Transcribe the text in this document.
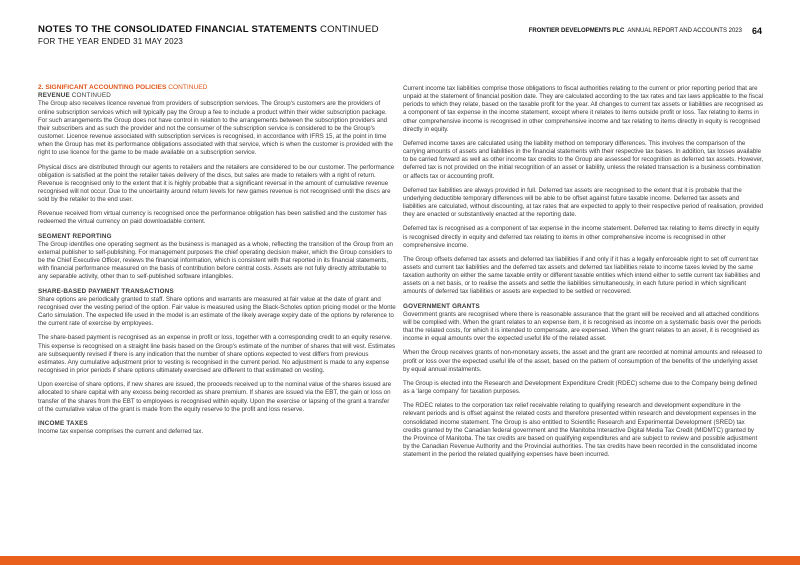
NOTES TO THE CONSOLIDATED FINANCIAL STATEMENTS CONTINUED
FOR THE YEAR ENDED 31 MAY 2023
FRONTIER DEVELOPMENTS PLC ANNUAL REPORT AND ACCOUNTS 2023 64
2. SIGNIFICANT ACCOUNTING POLICIES CONTINUED
REVENUE CONTINUED

The Group also receives licence revenue from providers of subscription services. The Group's customers are the providers of online subscription services which will typically pay the Group a fee to include a product within their wider subscription package. For such arrangements the Group does not have control in relation to the arrangements between the subscription providers and their subscribers and as such the provider and not the consumer of the subscription service is considered to be the Group's customer. Licence revenue associated with subscription services is recognised, in accordance with IFRS 15, at the point in time when the Group has met its performance obligations associated with that service, which is when the customer is provided with the right to use licence for the game to be made available on a subscription service.

Physical discs are distributed through our agents to retailers and the retailers are considered to be our customer. The performance obligation is satisfied at the point the retailer takes delivery of the discs, but sales are made to retailers with a right of return. Revenue is recognised only to the extent that it is highly probable that a significant reversal in the amount of cumulative revenue recognised will not occur. Due to the uncertainty around return levels for new games revenue is not recognised until the discs are sold by the retailer to the end user.

Revenue received from virtual currency is recognised once the performance obligation has been satisfied and the customer has redeemed the virtual currency on paid downloadable content.

SEGMENT REPORTING

The Group identifies one operating segment as the business is managed as a whole, reflecting the transition of the Group from an external publisher to self-publishing. For management purposes the chief operating decision maker, which the Group considers to be the Chief Executive Officer, reviews the financial information, which is consistent with that reported in its financial statements, with financial performance measured on the basis of contribution before central costs. Assets are not fully directly attributable to any separable activity, other than to self-published software intangibles.

SHARE-BASED PAYMENT TRANSACTIONS

Share options are periodically granted to staff. Share options and warrants are measured at fair value at the date of grant and recognised over the vesting period of the option. Fair value is measured using the Black-Scholes option pricing model or the Monte Carlo simulation. The expected life used in the model is an estimate of the likely average expiry date of the options by reference to the current rate of exercise by employees.

The share-based payment is recognised as an expense in profit or loss, together with a corresponding credit to an equity reserve. This expense is recognised on a straight line basis based on the Group's estimate of the number of shares that will vest. Estimates are subsequently revised if there is any indication that the number of share options expected to vest differs from previous estimates. Any cumulative adjustment prior to vesting is recognised in the current period. No adjustment is made to any expense recognised in prior periods if share options ultimately exercised are different to that estimated on vesting.

Upon exercise of share options, if new shares are issued, the proceeds received up to the nominal value of the shares issued are allocated to share capital with any excess being recorded as share premium. If shares are issued via the EBT, the gain or loss on transfer of the shares from the EBT to employees is recognised within equity. Upon the exercise or lapsing of the grant a transfer of the cumulative value of the grant is made from the equity reserve to the profit and loss reserve.

INCOME TAXES

Income tax expense comprises the current and deferred tax.

Current income tax liabilities comprise those obligations to fiscal authorities relating to the current or prior reporting period that are unpaid at the statement of financial position date. They are calculated according to the tax rates and tax laws applicable to the fiscal periods to which they relate, based on the taxable profit for the year. All changes to current tax assets or liabilities are recognised as a component of tax expense in the income statement, except where it relates to items outside profit or loss. Tax relating to items in other comprehensive income is recognised in other comprehensive income and tax relating to items directly in equity is recognised directly in equity.

Deferred income taxes are calculated using the liability method on temporary differences. This involves the comparison of the carrying amounts of assets and liabilities in the financial statements with their respective tax bases. In addition, tax losses available to be carried forward as well as other income tax credits to the Group are assessed for recognition as deferred tax assets. However, deferred tax is not provided on the initial recognition of an asset or liability, unless the related transaction is a business combination or affects tax or accounting profit.

Deferred tax liabilities are always provided in full. Deferred tax assets are recognised to the extent that it is probable that the underlying deductible temporary differences will be able to be offset against future taxable income. Deferred tax assets and liabilities are calculated, without discounting, at tax rates that are expected to apply to their respective period of realisation, provided they are enacted or substantively enacted at the reporting date.

Deferred tax is recognised as a component of tax expense in the income statement. Deferred tax relating to items directly in equity is recognised directly in equity and deferred tax relating to items in other comprehensive income is recognised in other comprehensive income.

The Group offsets deferred tax assets and deferred tax liabilities if and only if it has a legally enforceable right to set off current tax assets and current tax liabilities and the deferred tax assets and deferred tax liabilities relate to income taxes levied by the same taxation authority on either the same taxable entity or different taxable entities which intend either to settle current tax liabilities and assets on a net basis, or to realise the assets and settle the liabilities simultaneously, in each future period in which significant amounts of deferred tax liabilities or assets are expected to be settled or recovered.

GOVERNMENT GRANTS

Government grants are recognised where there is reasonable assurance that the grant will be received and all attached conditions will be complied with. When the grant relates to an expense item, it is recognised as income on a systematic basis over the periods that the related costs, for which it is intended to compensate, are expensed. When the grant relates to an asset, it is recognised as income in equal amounts over the expected useful life of the related asset.

When the Group receives grants of non-monetary assets, the asset and the grant are recorded at nominal amounts and released to profit or loss over the expected useful life of the asset, based on the pattern of consumption of the benefits of the underlying asset by equal annual instalments.

The Group is elected into the Research and Development Expenditure Credit (RDEC) scheme due to the Company being defined as a 'large company' for taxation purposes.

The RDEC relates to the corporation tax relief receivable relating to qualifying research and development expenditure in the relevant periods and is offset against the related costs and therefore presented within research and development expenses in the consolidated income statement. The Group is also entitled to Scientific Research and Experimental Development (SRED) tax credits granted by the Canadian federal government and the Manitoba Interactive Digital Media Tax Credit (MIDMTC) granted by the Province of Manitoba. The tax credits are based on qualifying expenditures and are subject to review and possible adjustment by the Canadian Revenue Authority and the Provincial authorities. The tax credits have been recorded in the consolidated income statement in the period the related qualifying expenses have been incurred.
